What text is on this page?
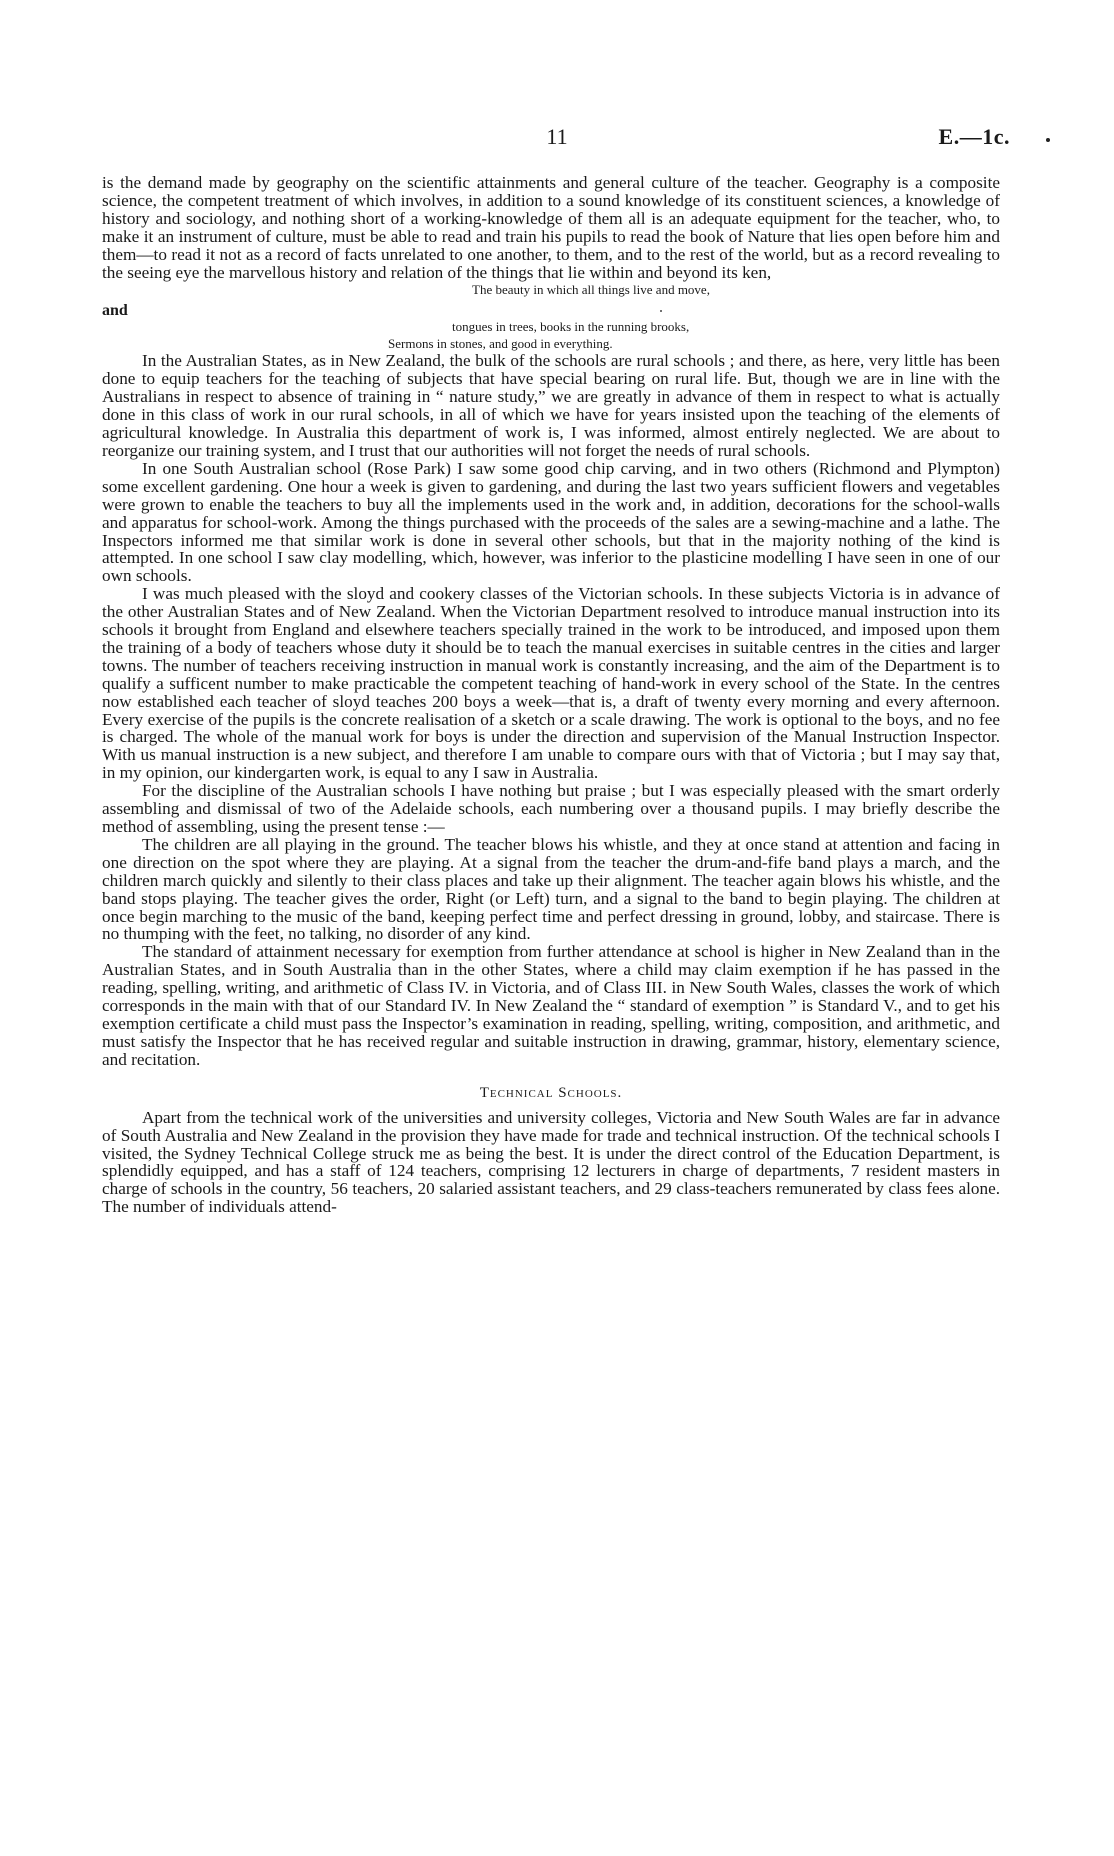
11	E.—1c.

is the demand made by geography on the scientific attainments and general culture of the teacher. Geography is a composite science, the competent treatment of which involves, in addition to a sound knowledge of its constituent sciences, a knowledge of history and sociology, and nothing short of a working-knowledge of them all is an adequate equipment for the teacher, who, to make it an instrument of culture, must be able to read and train his pupils to read the book of Nature that lies open before him and them—to read it not as a record of facts unrelated to one another, to them, and to the rest of the world, but as a record revealing to the seeing eye the marvellous history and relation of the things that lie within and beyond its ken,

The beauty in which all things live and move,
and
tongues in trees, books in the running brooks,
Sermons in stones, and good in everything.

In the Australian States, as in New Zealand, the bulk of the schools are rural schools ; and there, as here, very little has been done to equip teachers for the teaching of subjects that have special bearing on rural life. But, though we are in line with the Australians in respect to absence of training in “ nature study,” we are greatly in advance of them in respect to what is actually done in this class of work in our rural schools, in all of which we have for years insisted upon the teaching of the elements of agricultural knowledge. In Australia this department of work is, I was informed, almost entirely neglected. We are about to reorganize our training system, and I trust that our authorities will not forget the needs of rural schools.

In one South Australian school (Rose Park) I saw some good chip carving, and in two others (Richmond and Plympton) some excellent gardening. One hour a week is given to gardening, and during the last two years sufficient flowers and vegetables were grown to enable the teachers to buy all the implements used in the work and, in addition, decorations for the school-walls and apparatus for school-work. Among the things purchased with the proceeds of the sales are a sewing-machine and a lathe. The Inspectors informed me that similar work is done in several other schools, but that in the majority nothing of the kind is attempted. In one school I saw clay modelling, which, however, was inferior to the plasticine modelling I have seen in one of our own schools.

I was much pleased with the sloyd and cookery classes of the Victorian schools. In these subjects Victoria is in advance of the other Australian States and of New Zealand. When the Victorian Department resolved to introduce manual instruction into its schools it brought from England and elsewhere teachers specially trained in the work to be introduced, and imposed upon them the training of a body of teachers whose duty it should be to teach the manual exercises in suitable centres in the cities and larger towns. The number of teachers receiving instruction in manual work is constantly increasing, and the aim of the Department is to qualify a sufficent number to make practicable the competent teaching of hand-work in every school of the State. In the centres now established each teacher of sloyd teaches 200 boys a week—that is, a draft of twenty every morning and every afternoon. Every exercise of the pupils is the concrete realisation of a sketch or a scale drawing. The work is optional to the boys, and no fee is charged. The whole of the manual work for boys is under the direction and supervision of the Manual Instruction Inspector. With us manual instruction is a new subject, and therefore I am unable to compare ours with that of Victoria ; but I may say that, in my opinion, our kindergarten work, is equal to any I saw in Australia.

For the discipline of the Australian schools I have nothing but praise ; but I was especially pleased with the smart orderly assembling and dismissal of two of the Adelaide schools, each numbering over a thousand pupils. I may briefly describe the method of assembling, using the present tense :—

The children are all playing in the ground. The teacher blows his whistle, and they at once stand at attention and facing in one direction on the spot where they are playing. At a signal from the teacher the drum-and-fife band plays a march, and the children march quickly and silently to their class places and take up their alignment. The teacher again blows his whistle, and the band stops playing. The teacher gives the order, Right (or Left) turn, and a signal to the band to begin playing. The children at once begin marching to the music of the band, keeping perfect time and perfect dressing in ground, lobby, and staircase. There is no thumping with the feet, no talking, no disorder of any kind.

The standard of attainment necessary for exemption from further attendance at school is higher in New Zealand than in the Australian States, and in South Australia than in the other States, where a child may claim exemption if he has passed in the reading, spelling, writing, and arithmetic of Class IV. in Victoria, and of Class III. in New South Wales, classes the work of which corresponds in the main with that of our Standard IV. In New Zealand the “ standard of exemption ” is Standard V., and to get his exemption certificate a child must pass the Inspector’s examination in reading, spelling, writing, composition, and arithmetic, and must satisfy the Inspector that he has received regular and suitable instruction in drawing, grammar, history, elementary science, and recitation.

Technical Schools.

Apart from the technical work of the universities and university colleges, Victoria and New South Wales are far in advance of South Australia and New Zealand in the provision they have made for trade and technical instruction. Of the technical schools I visited, the Sydney Technical College struck me as being the best. It is under the direct control of the Education Department, is splendidly equipped, and has a staff of 124 teachers, comprising 12 lecturers in charge of departments, 7 resident masters in charge of schools in the country, 56 teachers, 20 salaried assistant teachers, and 29 class-teachers remunerated by class fees alone. The number of individuals attend-
